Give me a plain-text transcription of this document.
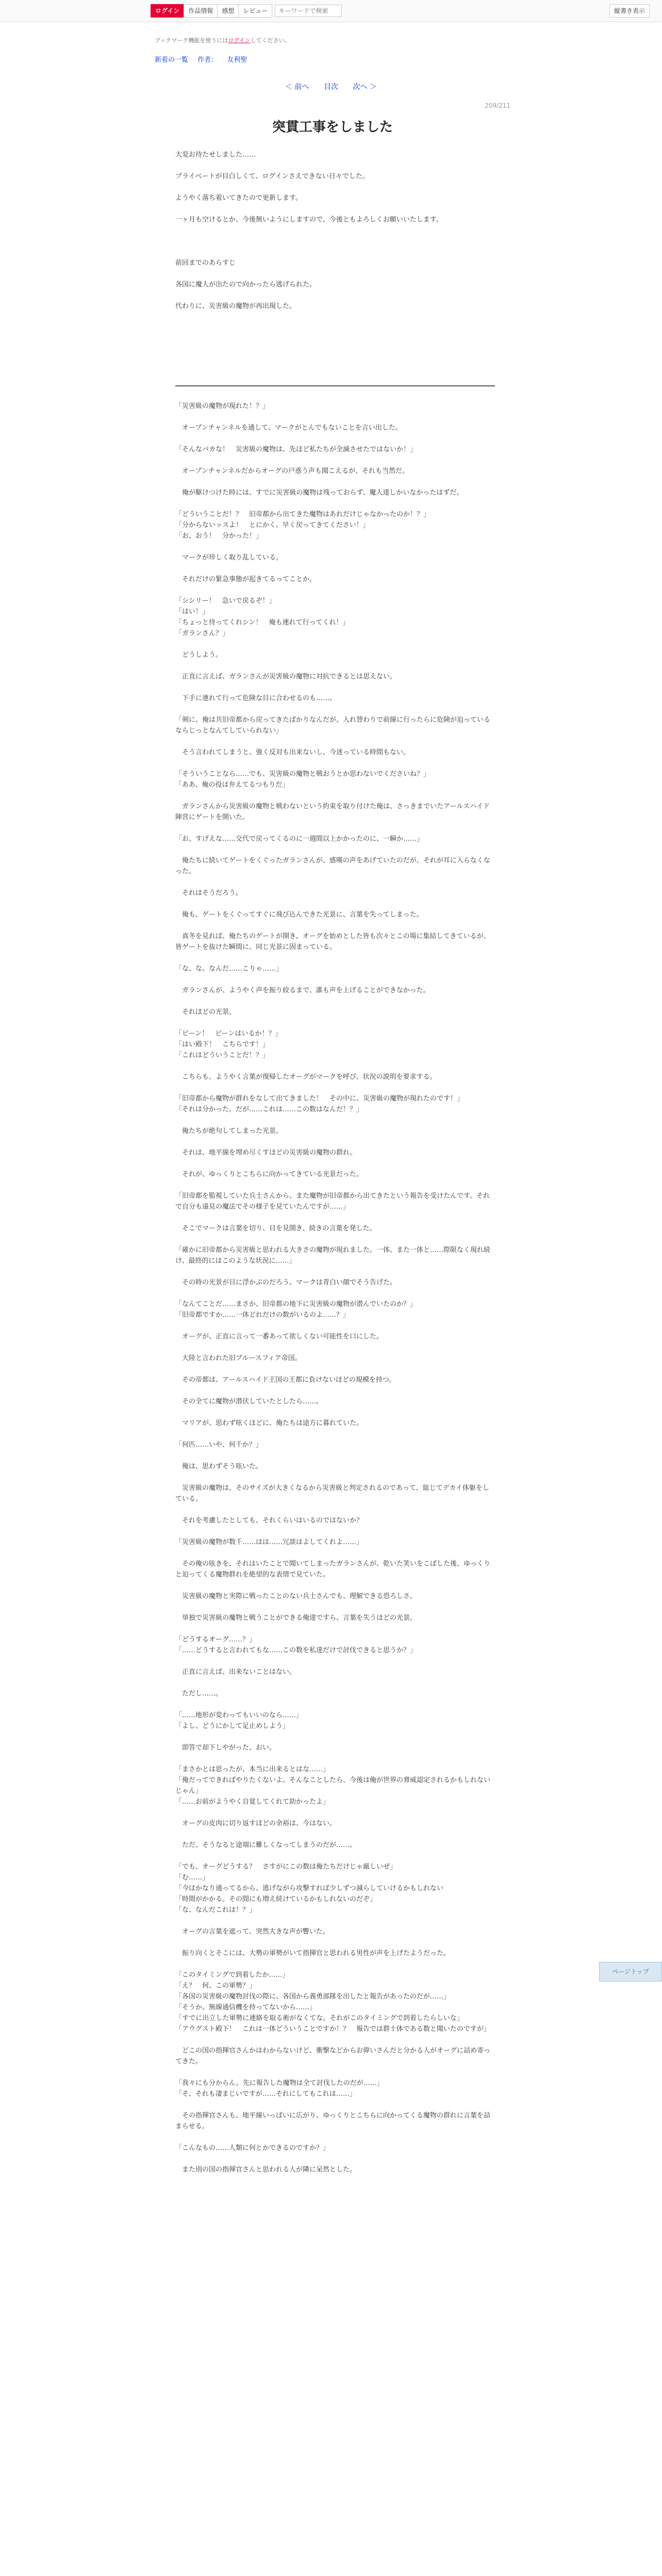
ログイン	作品情報	感想	レビュー
キーワードで検索	縦書き表示
ブックマーク機能を使うにはログインしてください。
新着の一覧 作者： 友利聖
＜ 前へ 目次 次へ ＞
209/211
突貫工事をしました

大変お待たせしました……

プライベートが目白しくて、ログインさえできない日々でした。

ようやく落ち着いてきたので更新します。

一ヶ月も空けるとか、今後無いようにしますので、今後ともよろしくお願いいたします。

前回までのあらすじ

各国に魔人が出たので向かったら逃げられた。

代わりに、災害級の魔物が再出現した。

「災害級の魔物が現れた！？」

　オープンチャンネルを通して、マークがとんでもないことを言い出した。

「そんなバカな！　災害級の魔物は、先ほど私たちが全滅させたではないか！」

　オープンチャンネルだからオーグの戸惑う声も聞こえるが、それも当然だ。

　俺が駆けつけた時には、すでに災害級の魔物は残っておらず、魔人達しかいなかったはずだ。

「どういうことだ！？　旧帝都から出てきた魔物はあれだけじゃなかったのか！？」

「分からないッスよ！　とにかく、早く戻ってきてください！」

「お、おう！　分かった！」

　マークが珍しく取り乱している。

　それだけの緊急事態が起きてるってことか。

「シシリー！　急いで戻るぞ！」

「はい！」

「ちょっと待ってくれシン！　俺も連れて行ってくれ！」

「ガランさん？」

　どうしよう。

　正直に言えば、ガランさんが災害級の魔物に対抗できるとは思えない。

　下手に連れて行って危険な目に合わせるのも……。

「剣に、俺は共旧帝都から戻ってきたばかりなんだが、入れ替わりで前線に行ったらに危険が迫っているならじっとなんてしていられない」

　そう言われてしまうと、強く反対も出来ないし、今迷っている時間もない。

「そういうことなら……でも、災害級の魔物と戦おうとか思わないでくださいね？」

「ああ、俺の役は弁えてるつもりだ」

　ガランさんから災害級の魔物と戦わないという約束を取り付けた俺は、さっきまでいたアールスハイド陣営にゲートを開いた。

「お、すげえな……交代で戻ってくるのに一週間以上かかったのに、一瞬か……」

　俺たちに続いてゲートをくぐったガランさんが、感嘆の声をあげていたのだが、それが耳に入らなくなった。

　それはそうだろう。

　俺も、ゲートをくぐってすぐに飛び込んできた光景に、言葉を失ってしまった。

　真冬を見れば、俺たちのゲートが開き、オーグを始めとした皆も次々とこの場に集結してきているが、皆ゲートを抜けた瞬間に、同じ光景に固まっている。

「な、な、なんだ……こりゃ……」

　ガランさんが、ようやく声を振り絞るまで、誰も声を上げることができなかった。

　それほどの光景。

「ピーン！　ビーンはいるか！？」

「はい殿下！　こちらです！」

「これはどういうことだ！？」

　こちらも、ようやく言葉が復帰したオーグがマークを呼び、状況の説明を要求する。

「旧帝都から魔物が群れをなして出てきました！　その中に、災害級の魔物が現れたのです！」

「それは分かった。だが……これは……この数はなんだ！？」

　俺たちが絶句してしまった光景。

　それは、地平線を埋め尽くすほどの災害級の魔物の群れ。

　それが、ゆっくりとこちらに向かってきている光景だった。

「旧帝都を監視していた兵士さんから、また魔物が旧帝都から出てきたという報告を受けたんです。それで自分も遠見の魔法でその様子を見ていたんですが……」

　そこでマークは言葉を切り、目を見開き、続きの言葉を発した。

「確かに旧帝都から災害級と思われる大きさの魔物が現れました。一体、また一体と……際限なく現れ続け、最終的にはこのような状況に……」

　その時の光景が目に浮かぶのだろう、マークは青白い顔でそう告げた。

「なんてことだ……まさか、旧帝都の地下に災害級の魔物が潜んでいたのか？」

「旧帝都ですか……一体どれだけの数がいるのよ……？」

　オーグが、正直に言って一番あって欲しくない可能性を口にした。

　大陸と言われた旧ブルースフィア帝国。

　その帝都は、アールスハイド王国の王都に負けないほどの規模を持つ。

　その全てに魔物が潜伏していたとしたら……。

　マリアが、思わず呟くほどに、俺たちは途方に暮れていた。

「何匹……いや、何千か？」

　俺は、思わずそう呟いた。

　災害級の魔物は、そのサイズが大きくなるから災害級と判定されるのであって、総じてデカイ体躯をしている。

　それを考慮したとしても、それくらいはいるのではないか？

「災害級の魔物が数千……はは……冗談はよしてくれよ……」

　その俺の呟きを、それはいたことで聞いてしまったガランさんが、乾いた笑いをこぼした後、ゆっくりと迫ってくる魔物群れを絶望的な表情で見ていた。

　災害級の魔物と実際に戦ったことのない兵士さんでも、理解できる恐ろしさ。

　単独で災害級の魔物と戦うことができる俺達ですら、言葉を失うほどの光景。

「どうするオーグ……？」

「……どうすると言われてもな……この数を私達だけで討伐できると思うか？」

　正直に言えば、出来ないことはない。

　ただし……。

「……地形が変わってもいいのなら……」

「よし、どうにかして足止めしよう」

　即答で却下しやがった、おい。

「まさかとは思ったが、本当に出来るとはな……」

「俺だってできればやりたくないよ。そんなことしたら、今後は俺が世界の脅威認定されるかもしれないじゃん」

「……お前がようやく自覚してくれて助かったよ」

　オーグの皮肉に切り返すほどの余裕は、今はない。

　ただ、そうなると途端に難しくなってしまうのだが……。

「でも、オーグどうする？　さすがにこの数は俺たちだけじゃ厳しいぜ」

「む……」

「今はかなり通ってるから、逃げながら攻撃すれば少しずつ減らしていけるかもしれない

「時間がかかる。その間にも増え続けているかもしれないのだぞ」

「な、なんだこれは！？」

　オーグの言葉を遮って、突然大きな声が響いた。

　振り向くとそこには、大勢の軍勢がいて指揮官と思われる男性が声を上げたようだった。

「このタイミングで到着したか……」

「え？　何、この軍勢？」

「各国の災害級の魔物討伐の際に、各国から義勇部隊を出したと報告があったのだが……」

「そうか。無線通信機を持ってないから……」

「すでに出立した軍勢に連絡を取る術がなくてな。それがこのタイミングで到着したらしいな」

「アウグスト殿下！　これは一体どういうことですか！？　報告では群十体である数と聞いたのですが」

　どこの国の指揮官さんかはわからないけど、衝撃などからお偉いさんだと分かる人がオーグに詰め寄ってきた。

「我々にも分からん。先に報告した魔物は全て討伐したのだが……」

「そ、それも凄まじいですが……それにしてもこれは……」

　その指揮官さんも、地平線いっぱいに広がり、ゆっくりとこちらに向かってくる魔物の群れに言葉を詰まらせる。

「こんなもの……人類に何とかできるのですか？」

　また別の国の指揮官さんと思われる人が隣に呆然とした。

ページトップ
